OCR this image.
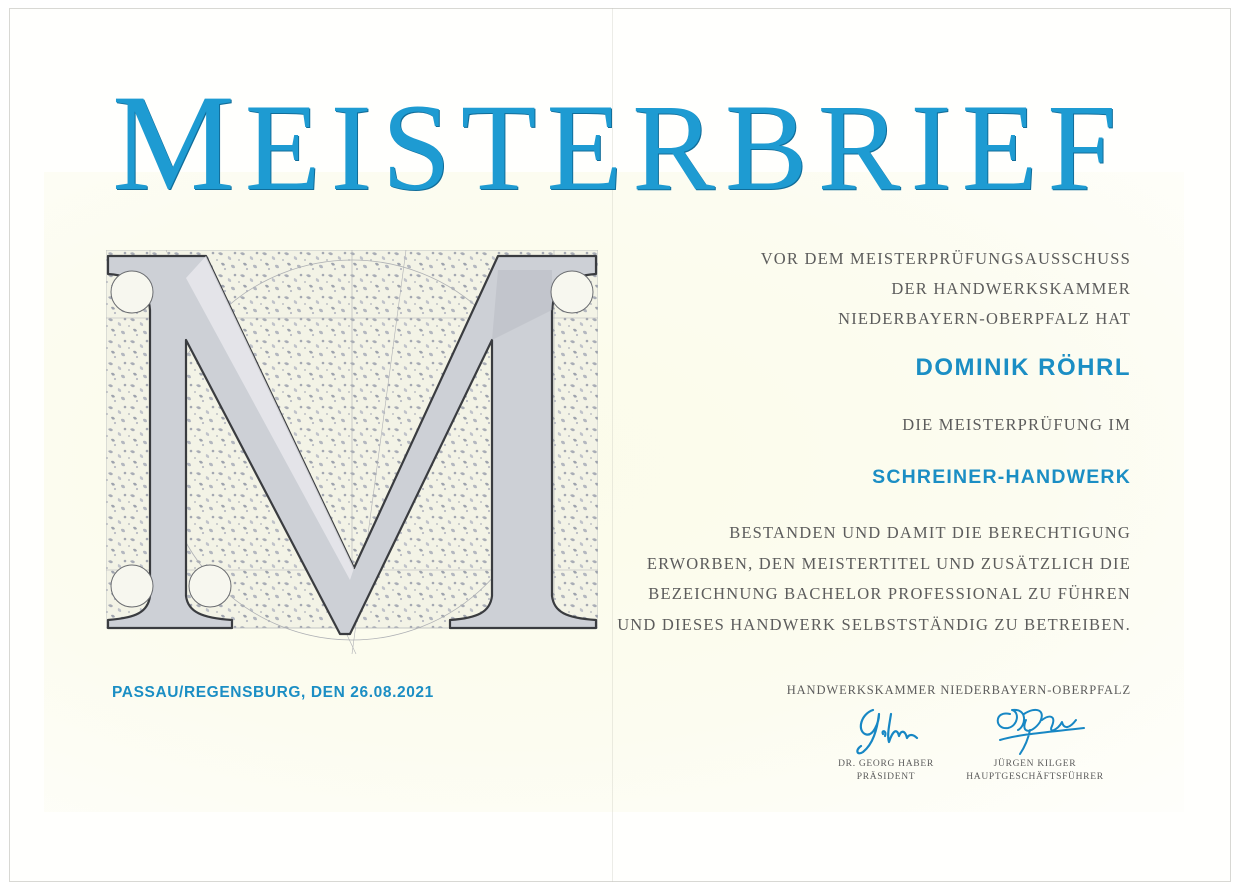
MEISTERBRIEF
VOR DEM MEISTERPRÜFUNGSAUSSCHUSS
DER HANDWERKSKAMMER
NIEDERBAYERN-OBERPFALZ HAT
DOMINIK RÖHRL
DIE MEISTERPRÜFUNG IM
SCHREINER-HANDWERK
BESTANDEN UND DAMIT DIE BERECHTIGUNG
ERWORBEN, DEN MEISTERTITEL UND ZUSÄTZLICH DIE
BEZEICHNUNG BACHELOR PROFESSIONAL ZU FÜHREN
UND DIESES HANDWERK SELBSTSTÄNDIG ZU BETREIBEN.
PASSAU/REGENSBURG, DEN 26.08.2021	HANDWERKSKAMMER NIEDERBAYERN-OBERPFALZ
DR. GEORG HABER
PRÄSIDENT
JÜRGEN KILGER
HAUPTGESCHÄFTSFÜHRER
